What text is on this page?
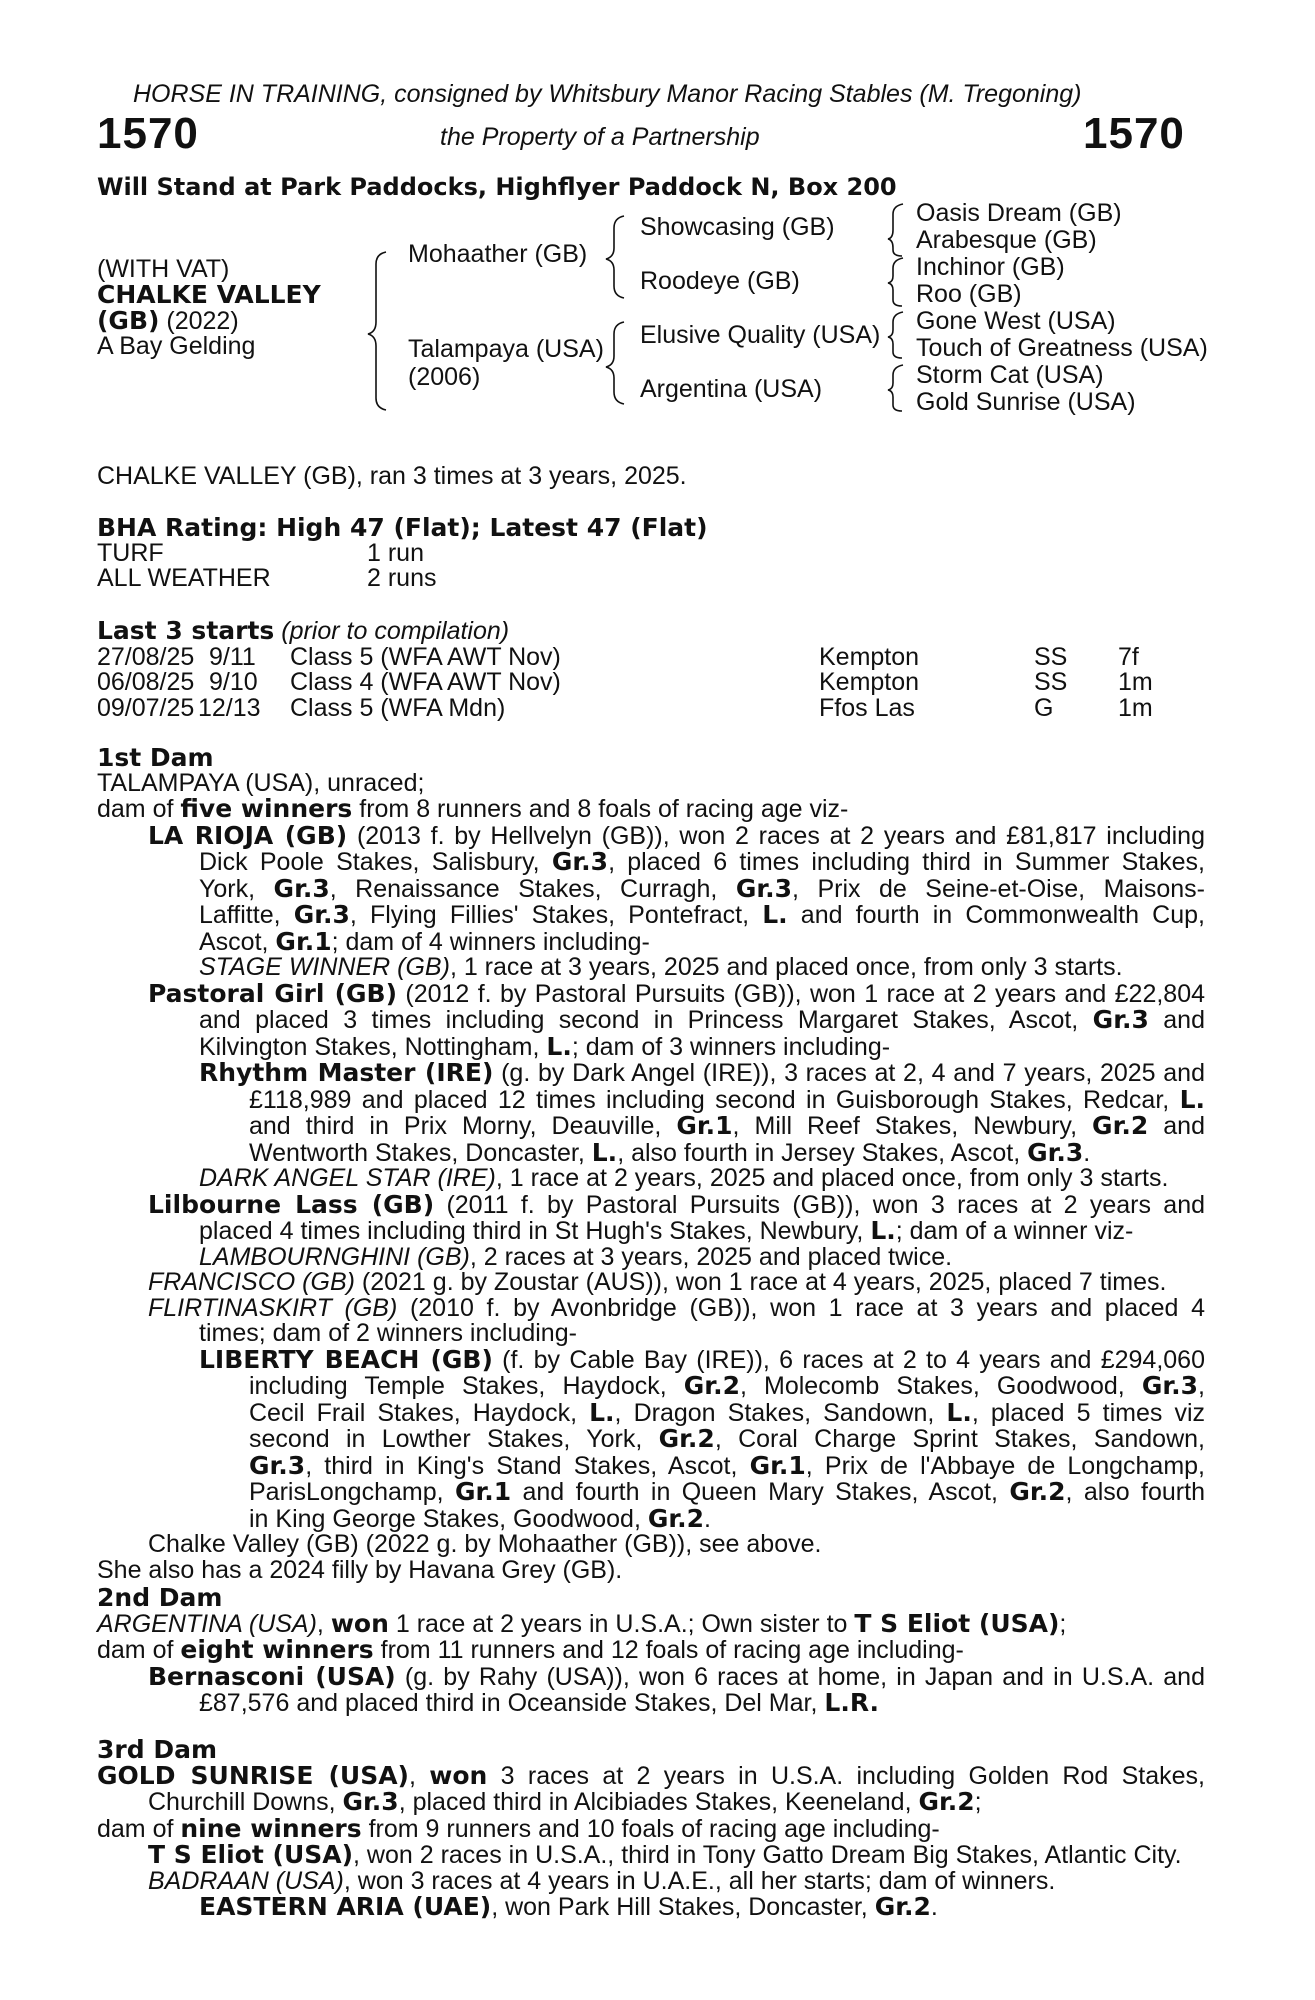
HORSE IN TRAINING, consigned by Whitsbury Manor Racing Stables (M. Tregoning)
1570	the Property of a Partnership	1570
Will Stand at Park Paddocks, Highflyer Paddock N, Box 200
(WITH VAT)
CHALKE VALLEY
(GB) (2022)
A Bay Gelding
Mohaather (GB)
Talampaya (USA)
(2006)
Showcasing (GB)
Roodeye (GB)
Elusive Quality (USA)
Argentina (USA)
Oasis Dream (GB)
Arabesque (GB)
Inchinor (GB)
Roo (GB)
Gone West (USA)
Touch of Greatness (USA)
Storm Cat (USA)
Gold Sunrise (USA)
CHALKE VALLEY (GB), ran 3 times at 3 years, 2025.
BHA Rating: High 47 (Flat); Latest 47 (Flat)
TURF	1 run
ALL WEATHER	2 runs
Last 3 starts (prior to compilation)
27/08/25 9/11 Class 5 (WFA AWT Nov)	Kempton	SS 7f
06/08/25 9/10 Class 4 (WFA AWT Nov)	Kempton	SS 1m
09/07/25 12/13 Class 5 (WFA Mdn)	Ffos Las	G	1m
1st Dam
TALAMPAYA (USA), unraced;
dam of five winners from 8 runners and 8 foals of racing age viz-
LA RIOJA (GB) (2013 f. by Hellvelyn (GB)), won 2 races at 2 years and £81,817 including
Dick Poole Stakes, Salisbury, Gr.3, placed 6 times including third in Summer Stakes,
York, Gr.3, Renaissance Stakes, Curragh, Gr.3, Prix de Seine-et-Oise, Maisons-
Laffitte, Gr.3, Flying Fillies' Stakes, Pontefract, L. and fourth in Commonwealth Cup,
Ascot, Gr.1; dam of 4 winners including-
STAGE WINNER (GB), 1 race at 3 years, 2025 and placed once, from only 3 starts.
Pastoral Girl (GB) (2012 f. by Pastoral Pursuits (GB)), won 1 race at 2 years and £22,804
and placed 3 times including second in Princess Margaret Stakes, Ascot, Gr.3 and
Kilvington Stakes, Nottingham, L.; dam of 3 winners including-
Rhythm Master (IRE) (g. by Dark Angel (IRE)), 3 races at 2, 4 and 7 years, 2025 and
£118,989 and placed 12 times including second in Guisborough Stakes, Redcar, L.
and third in Prix Morny, Deauville, Gr.1, Mill Reef Stakes, Newbury, Gr.2 and
Wentworth Stakes, Doncaster, L., also fourth in Jersey Stakes, Ascot, Gr.3.
DARK ANGEL STAR (IRE), 1 race at 2 years, 2025 and placed once, from only 3 starts.
Lilbourne Lass (GB) (2011 f. by Pastoral Pursuits (GB)), won 3 races at 2 years and
placed 4 times including third in St Hugh's Stakes, Newbury, L.; dam of a winner viz-
LAMBOURNGHINI (GB), 2 races at 3 years, 2025 and placed twice.
FRANCISCO (GB) (2021 g. by Zoustar (AUS)), won 1 race at 4 years, 2025, placed 7 times.
FLIRTINASKIRT (GB) (2010 f. by Avonbridge (GB)), won 1 race at 3 years and placed 4
times; dam of 2 winners including-
LIBERTY BEACH (GB) (f. by Cable Bay (IRE)), 6 races at 2 to 4 years and £294,060
including Temple Stakes, Haydock, Gr.2, Molecomb Stakes, Goodwood, Gr.3,
Cecil Frail Stakes, Haydock, L., Dragon Stakes, Sandown, L., placed 5 times viz
second in Lowther Stakes, York, Gr.2, Coral Charge Sprint Stakes, Sandown,
Gr.3, third in King's Stand Stakes, Ascot, Gr.1, Prix de l'Abbaye de Longchamp,
ParisLongchamp, Gr.1 and fourth in Queen Mary Stakes, Ascot, Gr.2, also fourth
in King George Stakes, Goodwood, Gr.2.
Chalke Valley (GB) (2022 g. by Mohaather (GB)), see above.
She also has a 2024 filly by Havana Grey (GB).
2nd Dam
ARGENTINA (USA), won 1 race at 2 years in U.S.A.; Own sister to T S Eliot (USA);
dam of eight winners from 11 runners and 12 foals of racing age including-
Bernasconi (USA) (g. by Rahy (USA)), won 6 races at home, in Japan and in U.S.A. and
£87,576 and placed third in Oceanside Stakes, Del Mar, L.R.
3rd Dam
GOLD SUNRISE (USA), won 3 races at 2 years in U.S.A. including Golden Rod Stakes,
Churchill Downs, Gr.3, placed third in Alcibiades Stakes, Keeneland, Gr.2;
dam of nine winners from 9 runners and 10 foals of racing age including-
T S Eliot (USA), won 2 races in U.S.A., third in Tony Gatto Dream Big Stakes, Atlantic City.
BADRAAN (USA), won 3 races at 4 years in U.A.E., all her starts; dam of winners.
EASTERN ARIA (UAE), won Park Hill Stakes, Doncaster, Gr.2.
